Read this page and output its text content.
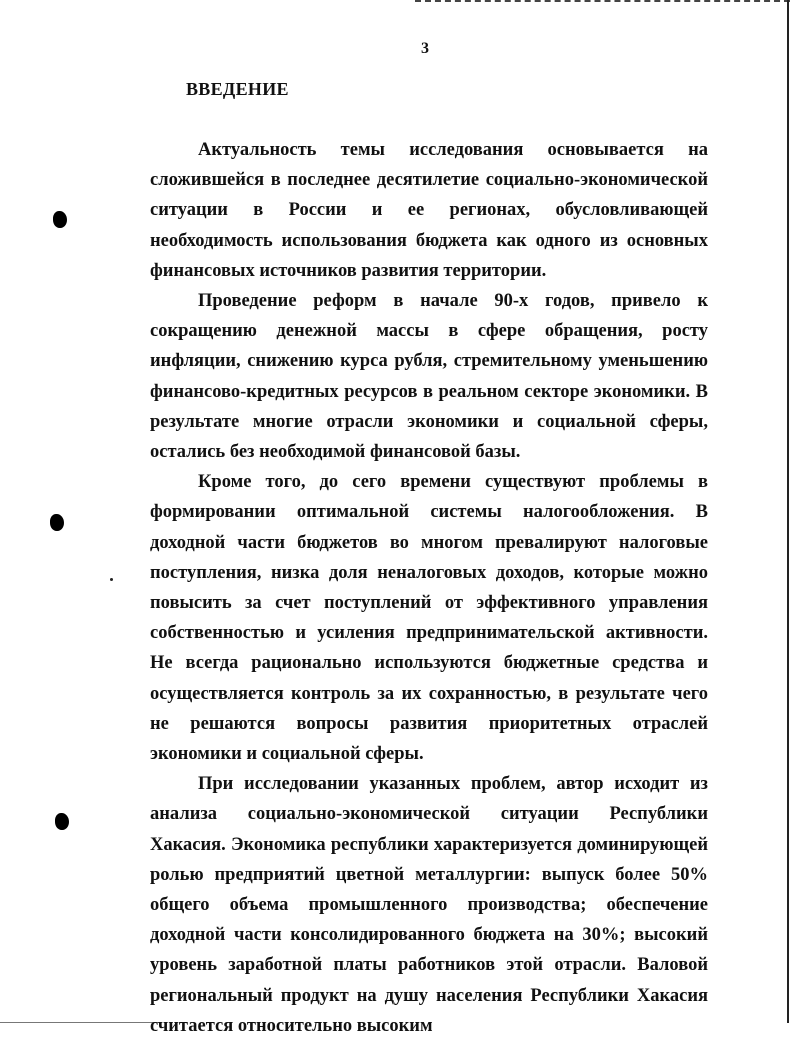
3
ВВЕДЕНИЕ

Актуальность темы исследования основывается на сложившейся в последнее десятилетие социально-экономической ситуации в России и ее регионах, обусловливающей необходимость использования бюджета как одного из основных финансовых источников развития территории.

Проведение реформ в начале 90-х годов, привело к сокращению денежной массы в сфере обращения, росту инфляции, снижению курса рубля, стремительному уменьшению финансово-кредитных ресурсов в реальном секторе экономики. В результате многие отрасли экономики и социальной сферы, остались без необходимой финансовой базы.

Кроме того, до сего времени существуют проблемы в формировании оптимальной системы налогообложения. В доходной части бюджетов во многом превалируют налоговые поступления, низка доля неналоговых доходов, которые можно повысить за счет поступлений от эффективного управления собственностью и усиления предпринимательской активности. Не всегда рационально используются бюджетные средства и осуществляется контроль за их сохранностью, в результате чего не решаются вопросы развития приоритетных отраслей экономики и социальной сферы.

При исследовании указанных проблем, автор исходит из анализа социально-экономической ситуации Республики Хакасия. Экономика республики характеризуется доминирующей ролью предприятий цветной металлургии: выпуск более 50% общего объема промышленного производства; обеспечение доходной части консолидированного бюджета на 30%; высокий уровень заработной платы работников этой отрасли. Валовой региональный продукт на душу населения Республики Хакасия считается относительно высоким
